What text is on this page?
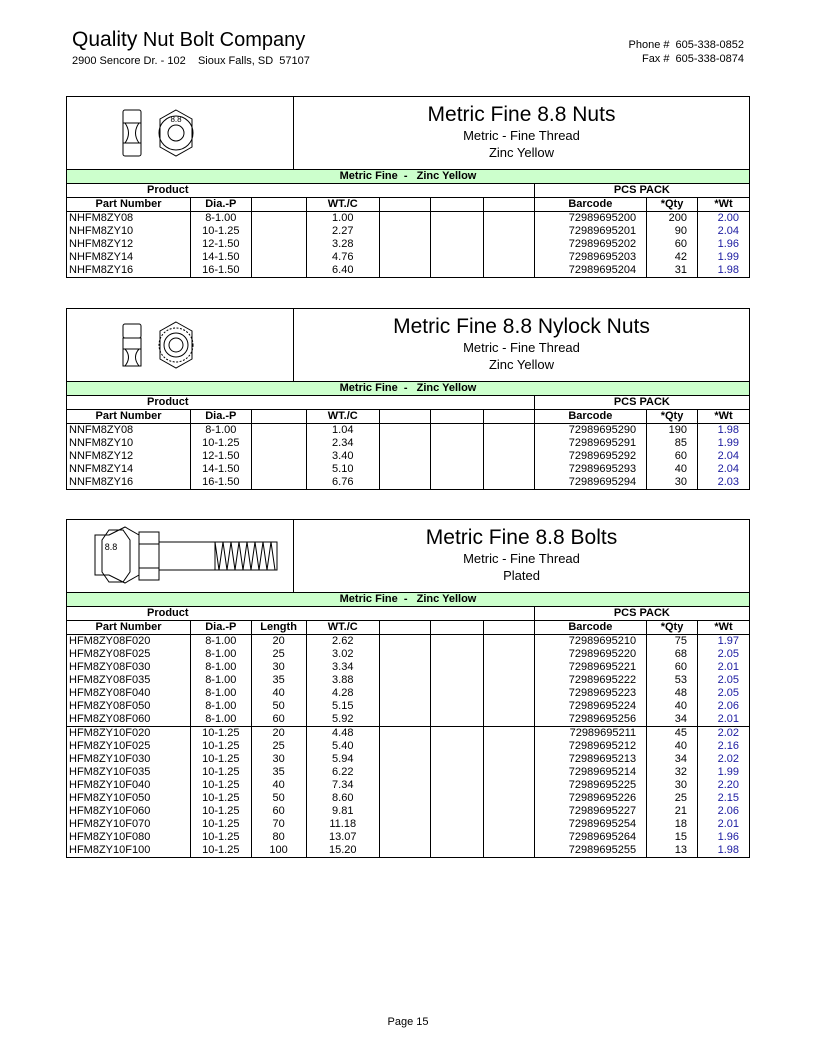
Quality Nut Bolt Company
2900 Sencore Dr. - 102    Sioux Falls, SD  57107
Phone # 605-338-0852
Fax # 605-338-0874
8.8	Metric Fine 8.8 Nuts
Metric - Fine Thread
Zinc Yellow
Metric Fine  -   Zinc Yellow									
Product							PCS PACK		
Part Number	Dia.-P		WT./C				Barcode	*Qty	*Wt
NHFM8ZY08	8-1.00		1.00				72989695200	200	2.00
NHFM8ZY10	10-1.25		2.27				72989695201	90	2.04
NHFM8ZY12	12-1.50		3.28				72989695202	60	1.96
NHFM8ZY14	14-1.50		4.76				72989695203	42	1.99
NHFM8ZY16	16-1.50		6.40				72989695204	31	1.98
Metric Fine 8.8 Nylock Nuts
Metric - Fine Thread
Zinc Yellow
Metric Fine  -   Zinc Yellow									
Product							PCS PACK		
Part Number	Dia.-P		WT./C				Barcode	*Qty	*Wt
NNFM8ZY08	8-1.00		1.04				72989695290	190	1.98
NNFM8ZY10	10-1.25		2.34				72989695291	85	1.99
NNFM8ZY12	12-1.50		3.40				72989695292	60	2.04
NNFM8ZY14	14-1.50		5.10				72989695293	40	2.04
NNFM8ZY16	16-1.50		6.76				72989695294	30	2.03
8.8	Metric Fine 8.8 Bolts
Metric - Fine Thread
Plated
Metric Fine  -   Zinc Yellow									
Product							PCS PACK		
Part Number	Dia.-P	Length	WT./C				Barcode	*Qty	*Wt
HFM8ZY08F020	8-1.00	20	2.62				72989695210	75	1.97
HFM8ZY08F025	8-1.00	25	3.02				72989695220	68	2.05
HFM8ZY08F030	8-1.00	30	3.34				72989695221	60	2.01
HFM8ZY08F035	8-1.00	35	3.88				72989695222	53	2.05
HFM8ZY08F040	8-1.00	40	4.28				72989695223	48	2.05
HFM8ZY08F050	8-1.00	50	5.15				72989695224	40	2.06
HFM8ZY08F060	8-1.00	60	5.92				72989695256	34	2.01
HFM8ZY10F020	10-1.25	20	4.48				72989695211	45	2.02
HFM8ZY10F025	10-1.25	25	5.40				72989695212	40	2.16
HFM8ZY10F030	10-1.25	30	5.94				72989695213	34	2.02
HFM8ZY10F035	10-1.25	35	6.22				72989695214	32	1.99
HFM8ZY10F040	10-1.25	40	7.34				72989695225	30	2.20
HFM8ZY10F050	10-1.25	50	8.60				72989695226	25	2.15
HFM8ZY10F060	10-1.25	60	9.81				72989695227	21	2.06
HFM8ZY10F070	10-1.25	70	11.18				72989695254	18	2.01
HFM8ZY10F080	10-1.25	80	13.07				72989695264	15	1.96
HFM8ZY10F100	10-1.25	100	15.20				72989695255	13	1.98
Page 15
